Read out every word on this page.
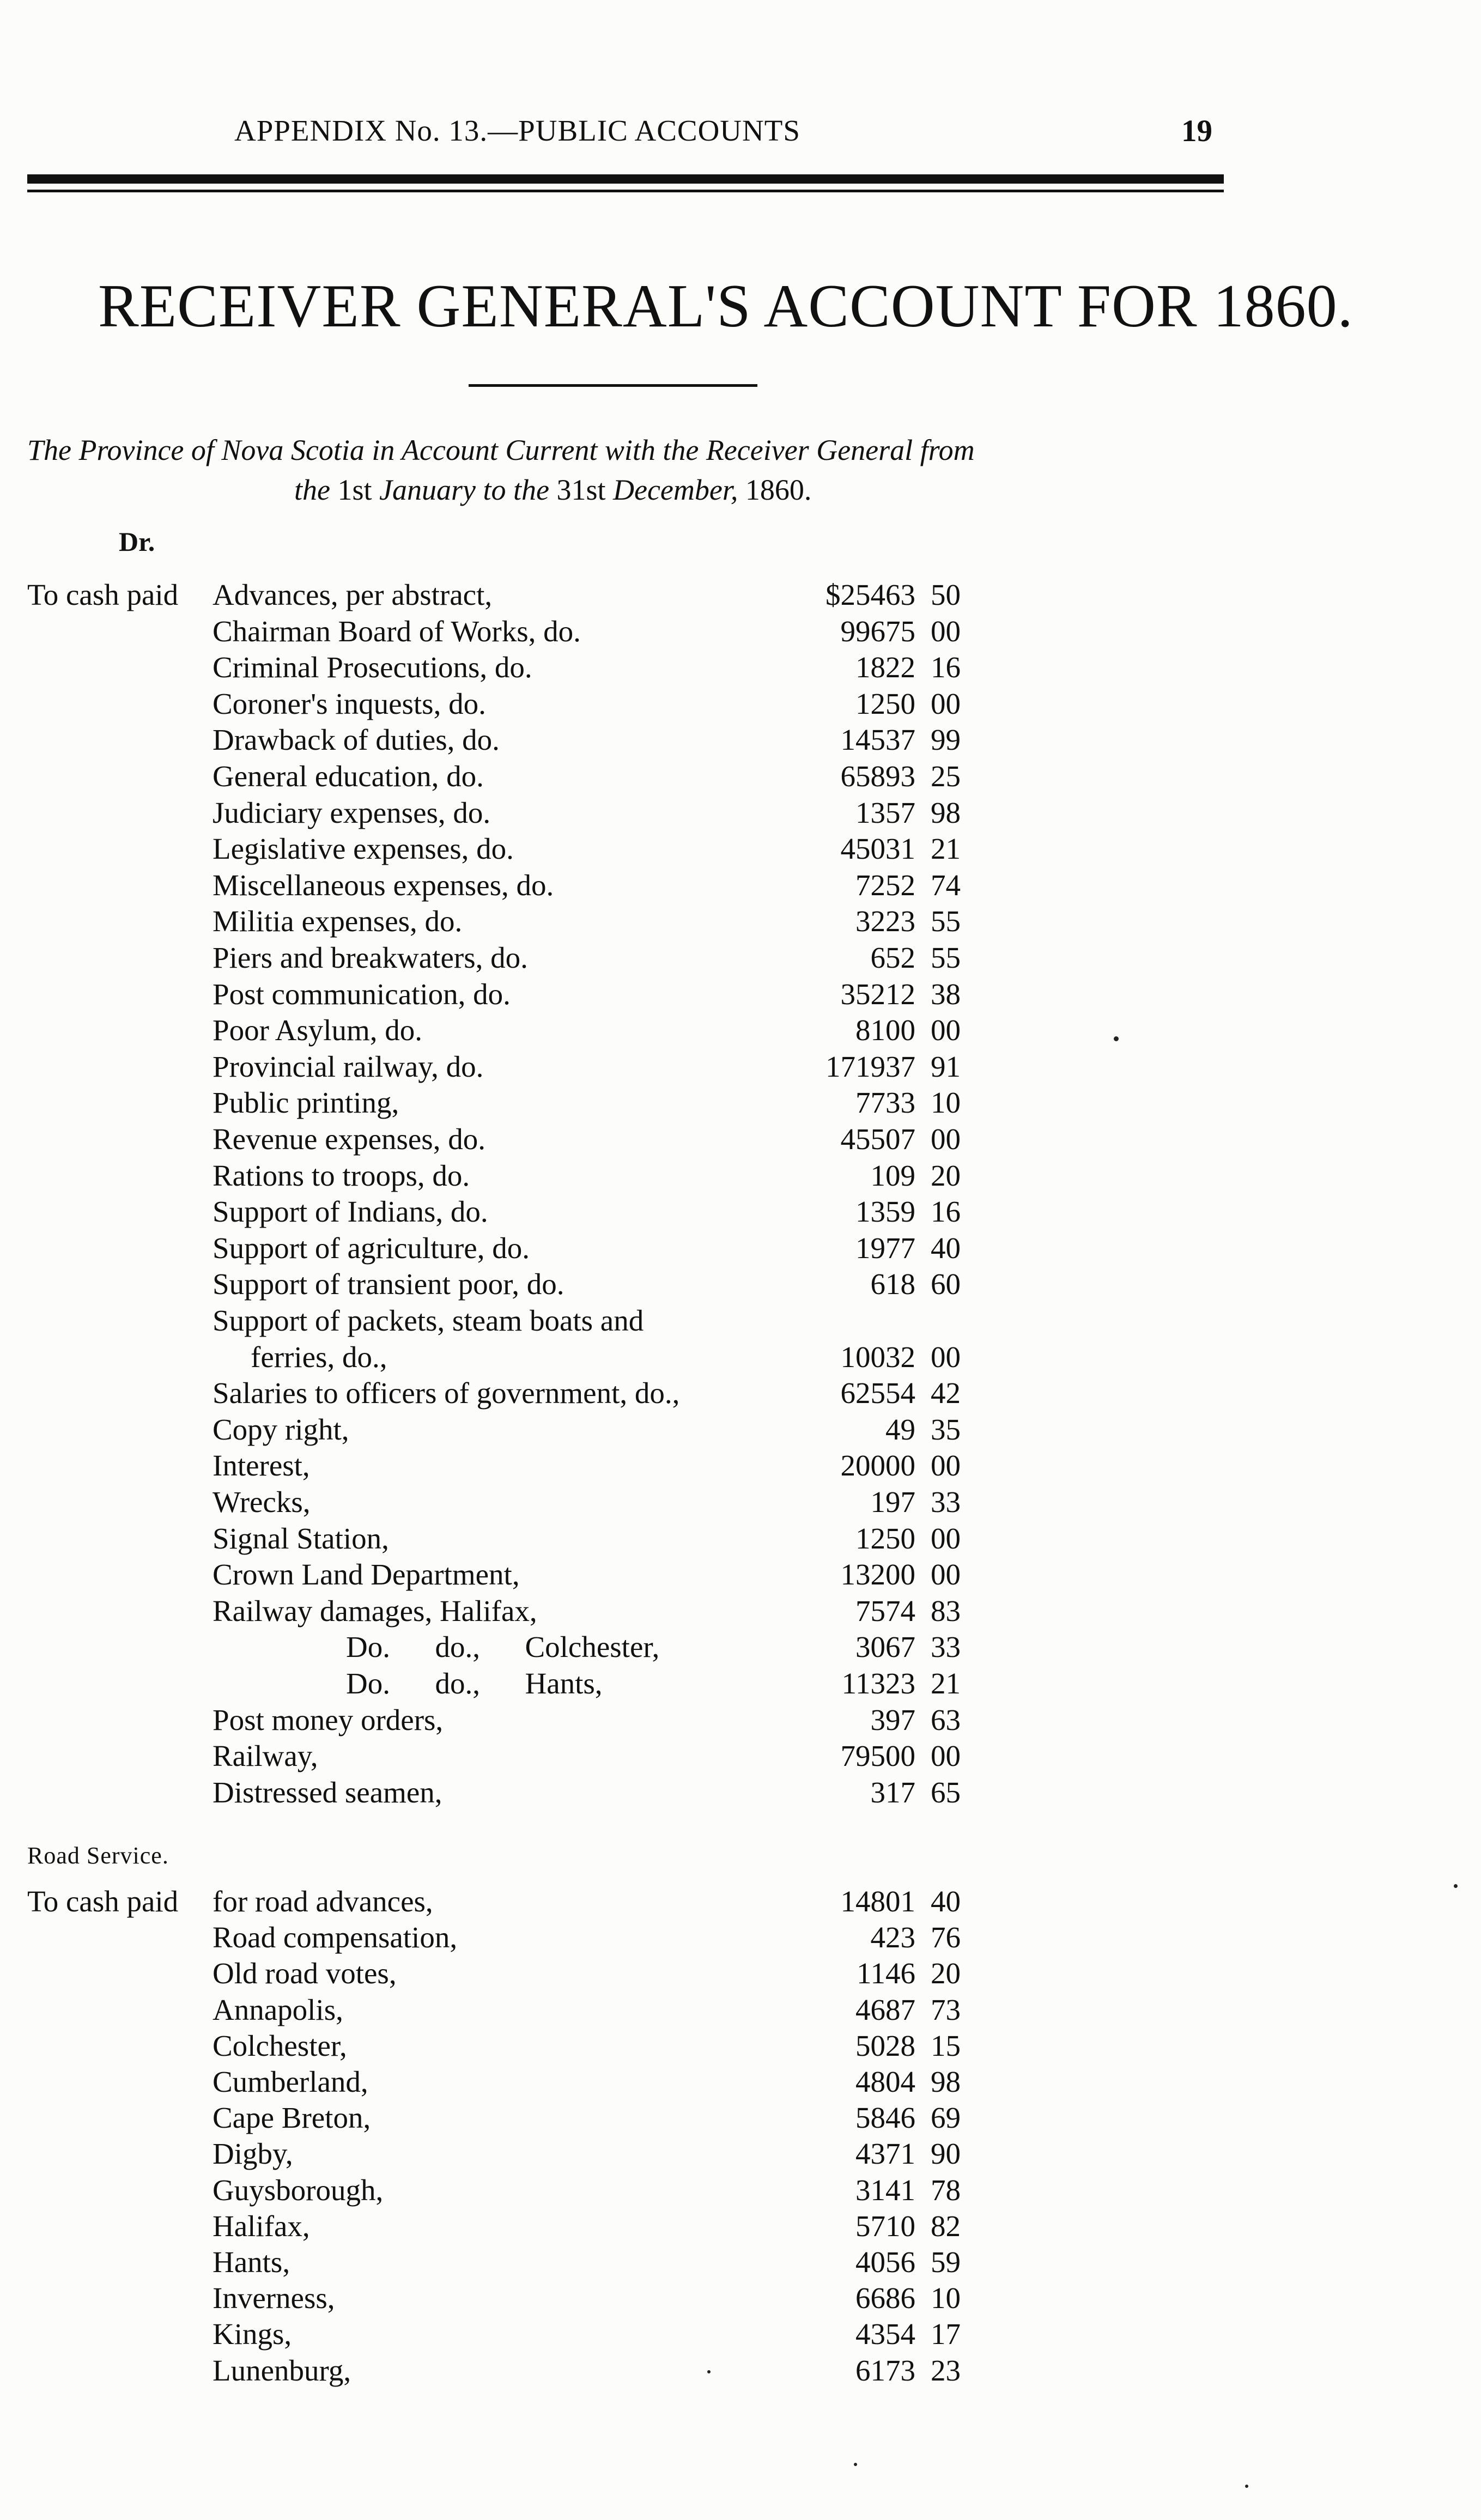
APPENDIX No. 13.—PUBLIC ACCOUNTS	19
RECEIVER GENERAL'S ACCOUNT FOR 1860.
The Province of Nova Scotia in Account Current with the Receiver General from
the 1st January to the 31st December, 1860.
Dr.
To cash paid Advances, per abstract,	$25463 50
Chairman Board of Works, do.	99675 00
Criminal Prosecutions, do.	1822 16
Coroner's inquests, do.	1250 00
Drawback of duties, do.	14537 99
General education, do.	65893 25
Judiciary expenses, do.	1357 98
Legislative expenses, do.	45031 21
Miscellaneous expenses, do.	7252 74
Militia expenses, do.	3223 55
Piers and breakwaters, do.	652 55
Post communication, do.	35212 38
Poor Asylum, do.	8100 00
Provincial railway, do.	171937 91
Public printing,	7733 10
Revenue expenses, do.	45507 00
Rations to troops, do.	109 20
Support of Indians, do.	1359 16
Support of agriculture, do.	1977 40
Support of transient poor, do.	618 60
Support of packets, steam boats and
ferries, do.,	10032 00
Salaries to officers of government, do.,	62554 42
Copy right,	49 35
Interest,	20000 00
Wrecks,	197 33
Signal Station,	1250 00
Crown Land Department,	13200 00
Railway damages, Halifax,	7574 83
Do.      do.,      Colchester,	3067 33
Do.      do.,      Hants,	11323 21
Post money orders,	397 63
Railway,	79500 00
Distressed seamen,	317 65
Road Service.
To cash paid for road advances,	14801 40
Road compensation,	423 76
Old road votes,	1146 20
Annapolis,	4687 73
Colchester,	5028 15
Cumberland,	4804 98
Cape Breton,	5846 69
Digby,	4371 90
Guysborough,	3141 78
Halifax,	5710 82
Hants,	4056 59
Inverness,	6686 10
Kings,	4354 17
Lunenburg,	6173 23
